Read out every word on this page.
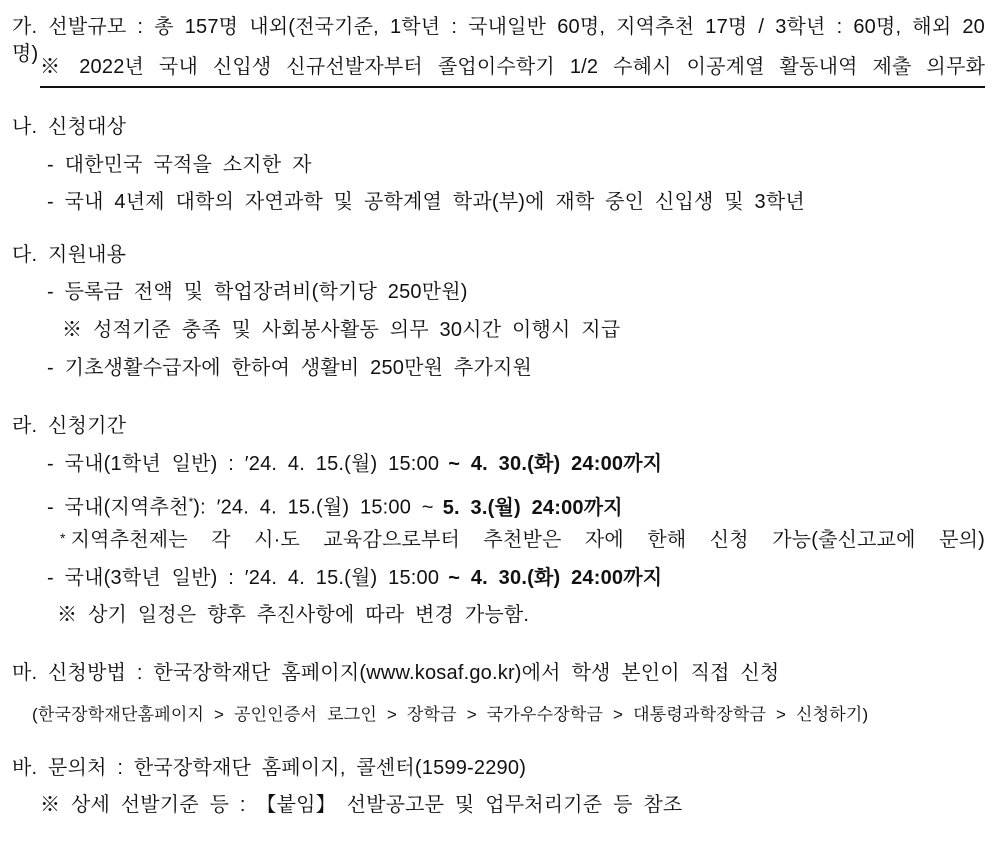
가. 선발규모 : 총 157명 내외(전국기준, 1학년 : 국내일반 60명, 지역추천 17명 / 3학년 : 60명, 해외 20명)
※ 2022년 국내 신입생 신규선발자부터 졸업이수학기 1/2 수혜시 이공계열 활동내역 제출 의무화
나. 신청대상
- 대한민국 국적을 소지한 자
- 국내 4년제 대학의 자연과학 및 공학계열 학과(부)에 재학 중인 신입생 및 3학년
다. 지원내용
- 등록금 전액 및 학업장려비(학기당 250만원)
※ 성적기준 충족 및 사회봉사활동 의무 30시간 이행시 지급
- 기초생활수급자에 한하여 생활비 250만원 추가지원
라. 신청기간
- 국내(1학년 일반) : ′24. 4. 15.(월) 15:00 ~ 4. 30.(화) 24:00까지
- 국내(지역추천*): ′24. 4. 15.(월) 15:00 ~ 5. 3.(월) 24:00까지
* 지역추천제는 각 시·도 교육감으로부터 추천받은 자에 한해 신청 가능(출신고교에 문의)
- 국내(3학년 일반) : ′24. 4. 15.(월) 15:00 ~ 4. 30.(화) 24:00까지
※ 상기 일정은 향후 추진사항에 따라 변경 가능함.
마. 신청방법 : 한국장학재단 홈페이지(www.kosaf.go.kr)에서 학생 본인이 직접 신청
(한국장학재단홈페이지 > 공인인증서 로그인 > 장학금 > 국가우수장학금 > 대통령과학장학금 > 신청하기)
바. 문의처 : 한국장학재단 홈페이지, 콜센터(1599-2290)
※ 상세 선발기준 등 : 【붙임】 선발공고문 및 업무처리기준 등 참조
